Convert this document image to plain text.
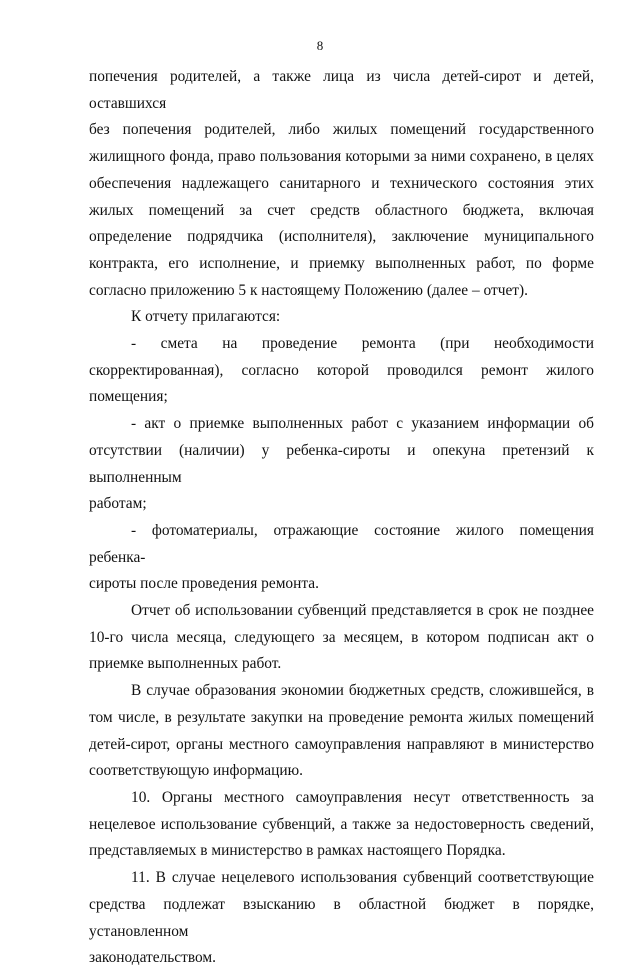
8

попечения родителей, а также лица из числа детей-сирот и детей, оставшихся
без попечения родителей, либо жилых помещений государственного
жилищного фонда, право пользования которыми за ними сохранено, в целях
обеспечения надлежащего санитарного и технического состояния этих
жилых помещений за счет средств областного бюджета, включая
определение подрядчика (исполнителя), заключение муниципального
контракта, его исполнение, и приемку выполненных работ, по форме
согласно приложению 5 к настоящему Положению (далее – отчет).

К отчету прилагаются:

- смета на проведение ремонта (при необходимости
скорректированная), согласно которой проводился ремонт жилого
помещения;

- акт о приемке выполненных работ с указанием информации об
отсутствии (наличии) у ребенка-сироты и опекуна претензий к выполненным
работам;

- фотоматериалы, отражающие состояние жилого помещения ребенка-
сироты после проведения ремонта.

Отчет об использовании субвенций представляется в срок не позднее
10-го числа месяца, следующего за месяцем, в котором подписан акт о
приемке выполненных работ.

В случае образования экономии бюджетных средств, сложившейся, в
том числе, в результате закупки на проведение ремонта жилых помещений
детей-сирот, органы местного самоуправления направляют в министерство
соответствующую информацию.

10. Органы местного самоуправления несут ответственность за
нецелевое использование субвенций, а также за недостоверность сведений,
представляемых в министерство в рамках настоящего Порядка.

11. В случае нецелевого использования субвенций соответствующие
средства подлежат взысканию в областной бюджет в порядке, установленном
законодательством.
